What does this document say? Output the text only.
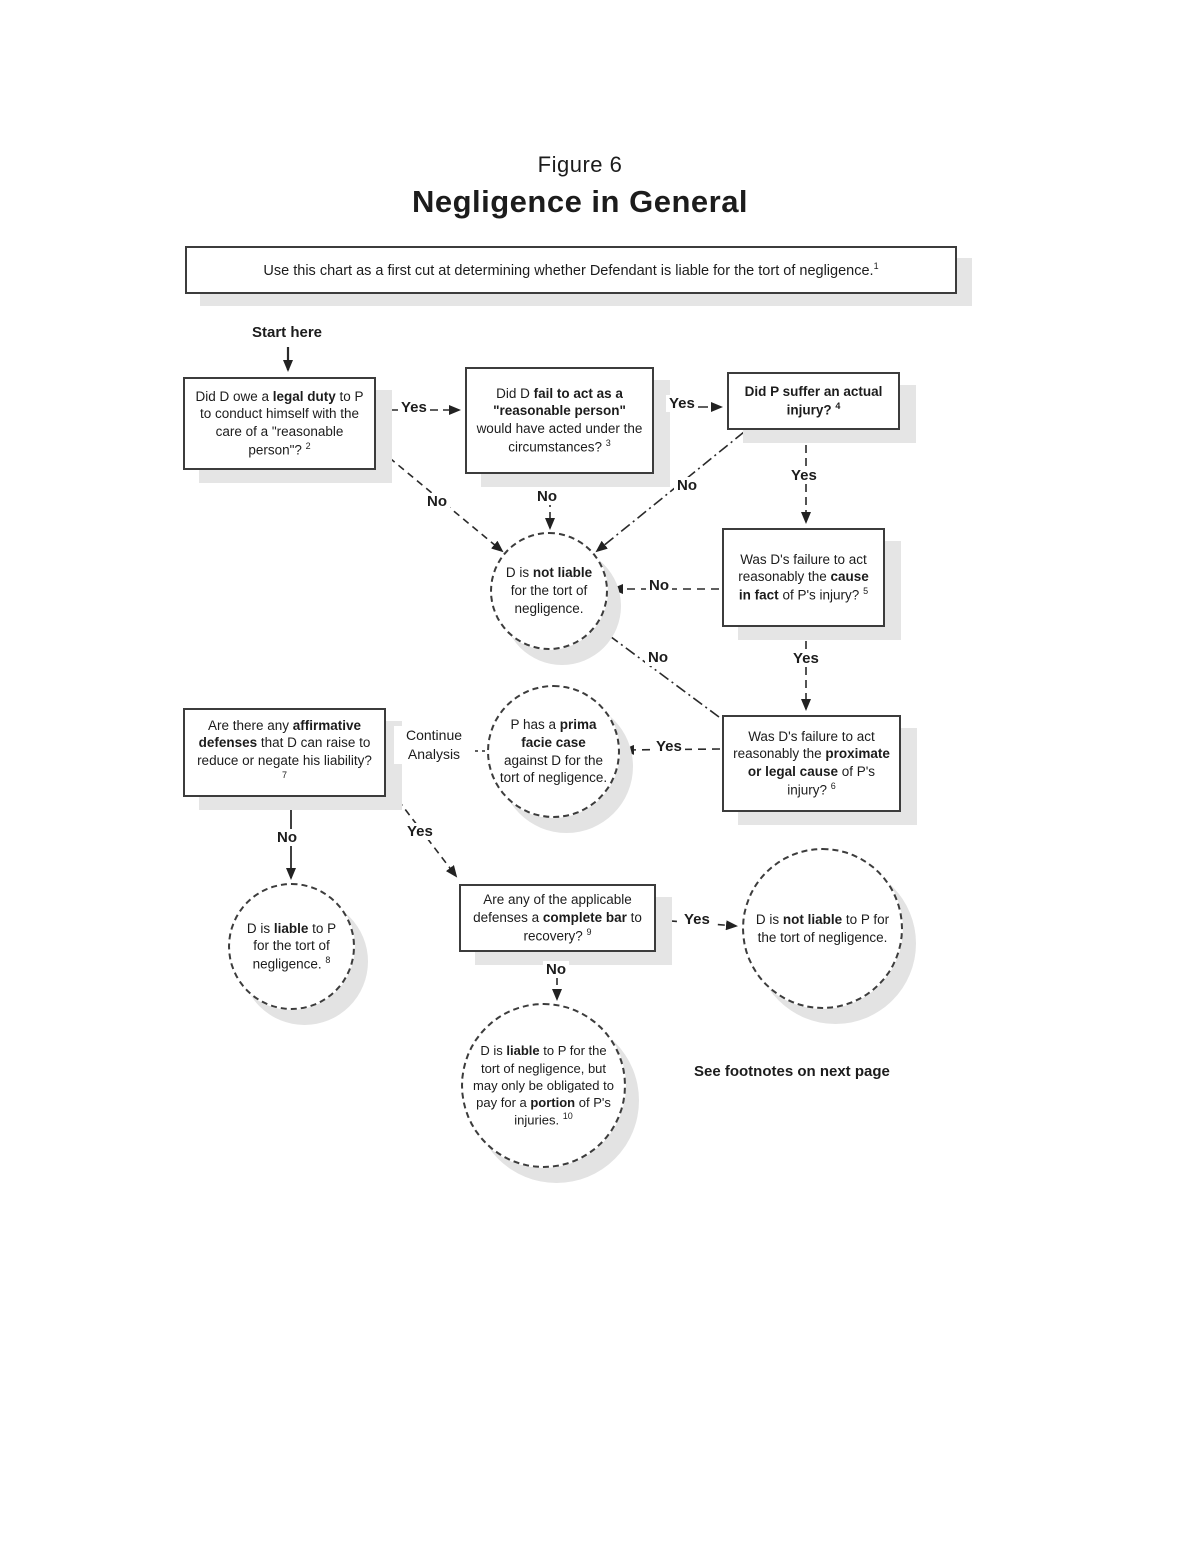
Figure 6
Negligence in General
Use this chart as a first cut at determining whether Defendant is liable for the tort of negligence.$^1$
Start here
Did D owe a legal duty to P to conduct himself with the care of a "reasonable person"? $^2$
Did D fail to act as a "reasonable person" would have acted under the circumstances? $^3$
Did P suffer an actual injury? $^4$
D is not liable for the tort of negligence.
Was D's failure to act reasonably the cause in fact of P's injury? $^5$
Are there any affirmative defenses that D can raise to reduce or negate his liability? $^7$
P has a prima facie case against D for the tort of negligence.
Was D's failure to act reasonably the proximate or legal cause of P's injury? $^6$
D is liable to P for the tort of negligence. $^8$
Are any of the applicable defenses a complete bar to recovery? $^9$
D is not liable to P for the tort of negligence.
D is liable to P for the tort of negligence, but may only be obligated to pay for a portion of P's injuries. $^{10}$
Yes	Yes
No	No
No
Yes
No
Yes
No
Yes
Continue
Analysis
No	Yes
Yes
No
See footnotes on next page
